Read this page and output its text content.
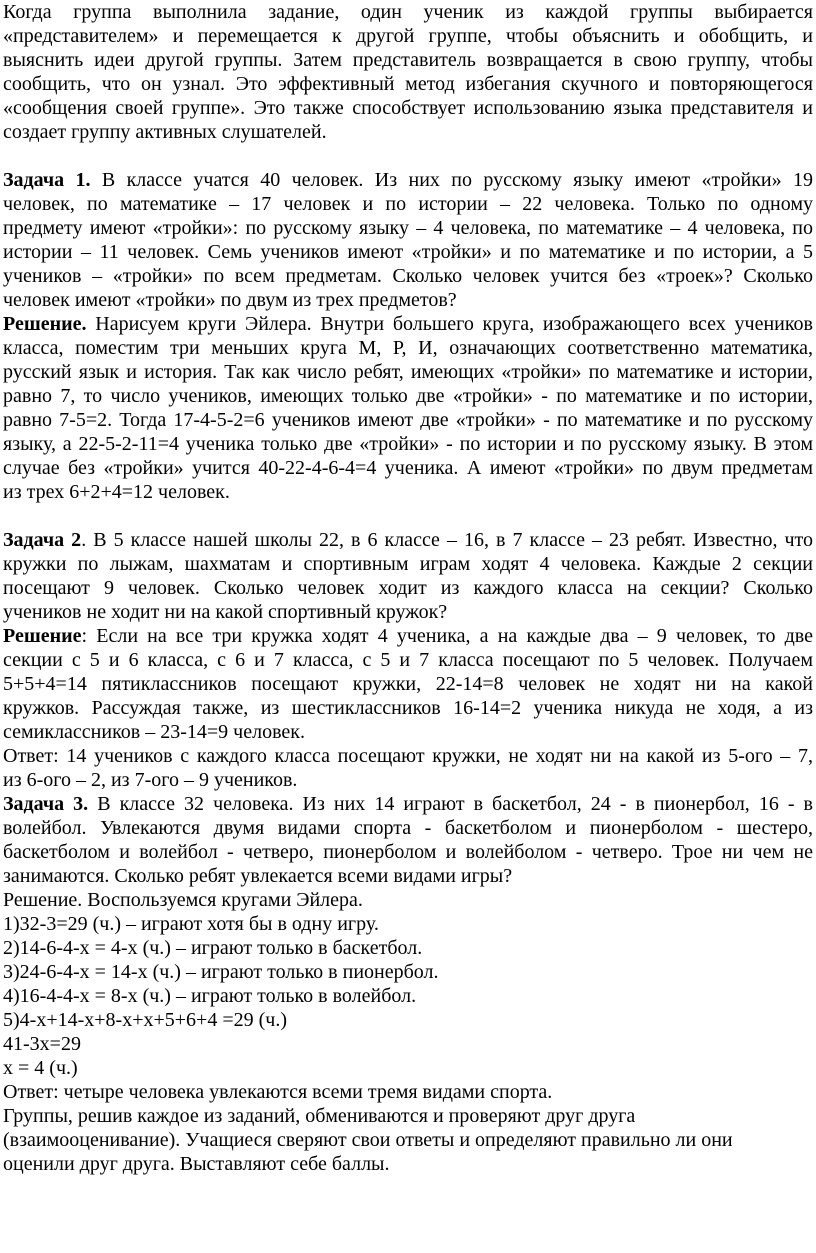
Когда группа выполнила задание, один ученик из каждой группы выбирается
«представителем» и перемещается к другой группе, чтобы объяснить и обобщить, и
выяснить идеи другой группы. Затем представитель возвращается в свою группу, чтобы
сообщить, что он узнал. Это эффективный метод избегания скучного и повторяющегося
«сообщения своей группе». Это также способствует использованию языка представителя и
создает группу активных слушателей.
Задача 1. В классе учатся 40 человек. Из них по русскому языку имеют «тройки» 19
человек, по математике – 17 человек и по истории – 22 человека. Только по одному
предмету имеют «тройки»: по русскому языку – 4 человека, по математике – 4 человека, по
истории – 11 человек. Семь учеников имеют «тройки» и по математике и по истории, а 5
учеников – «тройки» по всем предметам. Сколько человек учится без «троек»? Сколько
человек имеют «тройки» по двум из трех предметов?
Решение. Нарисуем круги Эйлера. Внутри большего круга, изображающего всех учеников
класса, поместим три меньших круга М, Р, И, означающих соответственно математика,
русский язык и история. Так как число ребят, имеющих «тройки» по математике и истории,
равно 7, то число учеников, имеющих только две «тройки» - по математике и по истории,
равно 7-5=2. Тогда 17-4-5-2=6 учеников имеют две «тройки» - по математике и по русскому
языку, а 22-5-2-11=4 ученика только две «тройки» - по истории и по русскому языку. В этом
случае без «тройки» учится 40-22-4-6-4=4 ученика. А имеют «тройки» по двум предметам
из трех 6+2+4=12 человек.
Задача 2. В 5 классе нашей школы 22, в 6 классе – 16, в 7 классе – 23 ребят. Известно, что
кружки по лыжам, шахматам и спортивным играм ходят 4 человека. Каждые 2 секции
посещают 9 человек. Сколько человек ходит из каждого класса на секции? Сколько
учеников не ходит ни на какой спортивный кружок?
Решение: Если на все три кружка ходят 4 ученика, а на каждые два – 9 человек, то две
секции с 5 и 6 класса, с 6 и 7 класса, с 5 и 7 класса посещают по 5 человек. Получаем
5+5+4=14 пятиклассников посещают кружки, 22-14=8 человек не ходят ни на какой
кружков. Рассуждая также, из шестиклассников 16-14=2 ученика никуда не ходя, а из
семиклассников – 23-14=9 человек.
Ответ: 14 учеников с каждого класса посещают кружки, не ходят ни на какой из 5-ого – 7,
из 6-ого – 2, из 7-ого – 9 учеников.
Задача 3. В классе 32 человека. Из них 14 играют в баскетбол, 24 - в пионербол, 16 - в
волейбол. Увлекаются двумя видами спорта - баскетболом и пионерболом - шестеро,
баскетболом и волейбол - четверо, пионерболом и волейболом - четверо. Трое ни чем не
занимаются. Сколько ребят увлекается всеми видами игры?
Решение. Воспользуемся кругами Эйлера.
1)32-3=29 (ч.) – играют хотя бы в одну игру.
2)14-6-4-х = 4-х (ч.) – играют только в баскетбол.
3)24-6-4-х = 14-х (ч.) – играют только в пионербол.
4)16-4-4-х = 8-х (ч.) – играют только в волейбол.
5)4-х+14-х+8-х+х+5+6+4 =29 (ч.)
41-3х=29
х = 4 (ч.)
Ответ: четыре человека увлекаются всеми тремя видами спорта.
Группы, решив каждое из заданий, обмениваются и проверяют друг друга
(взаимооценивание). Учащиеся сверяют свои ответы и определяют правильно ли они
оценили друг друга. Выставляют себе баллы.
